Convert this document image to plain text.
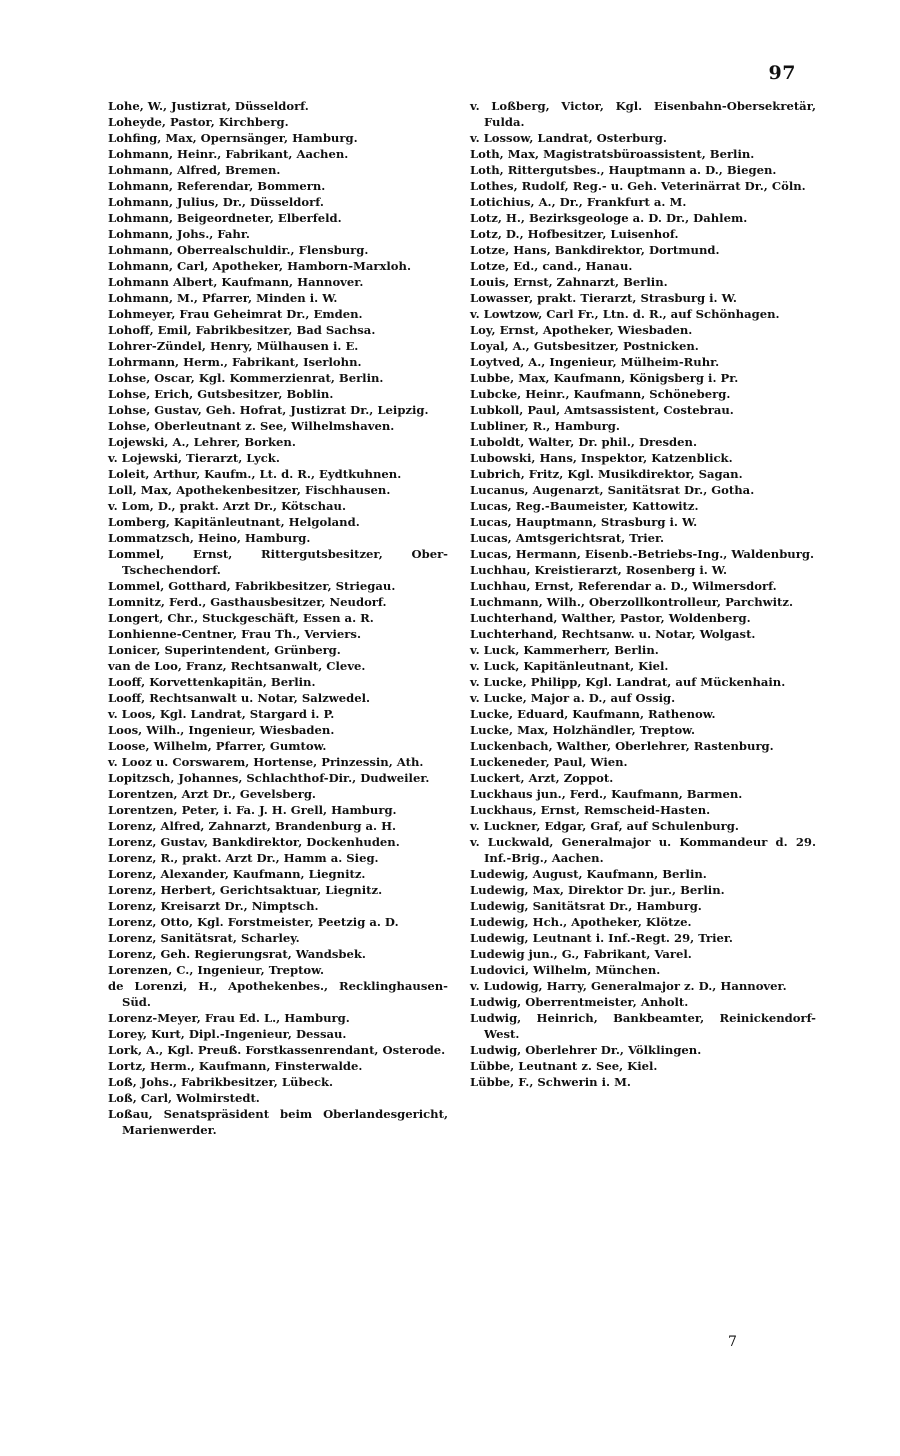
97
Lohe, W., Justizrat, Düsseldorf.
Loheyde, Pastor, Kirchberg.
Lohfing, Max, Opernsänger, Hamburg.
Lohmann, Heinr., Fabrikant, Aachen.
Lohmann, Alfred, Bremen.
Lohmann, Referendar, Bommern.
Lohmann, Julius, Dr., Düsseldorf.
Lohmann, Beigeordneter, Elberfeld.
Lohmann, Johs., Fahr.
Lohmann, Oberrealschuldir., Flensburg.
Lohmann, Carl, Apotheker, Hamborn-Marxloh.
Lohmann Albert, Kaufmann, Hannover.
Lohmann, M., Pfarrer, Minden i. W.
Lohmeyer, Frau Geheimrat Dr., Emden.
Lohoff, Emil, Fabrikbesitzer, Bad Sachsa.
Lohrer-Zündel, Henry, Mülhausen i. E.
Lohrmann, Herm., Fabrikant, Iserlohn.
Lohse, Oscar, Kgl. Kommerzienrat, Berlin.
Lohse, Erich, Gutsbesitzer, Boblin.
Lohse, Gustav, Geh. Hofrat, Justizrat Dr., Leipzig.
Lohse, Oberleutnant z. See, Wilhelmshaven.
Lojewski, A., Lehrer, Borken.
v. Lojewski, Tierarzt, Lyck.
Loleit, Arthur, Kaufm., Lt. d. R., Eydtkuhnen.
Loll, Max, Apothekenbesitzer, Fischhausen.
v. Lom, D., prakt. Arzt Dr., Kötschau.
Lomberg, Kapitänleutnant, Helgoland.
Lommatzsch, Heino, Hamburg.
Lommel, Ernst, Rittergutsbesitzer, Ober-Tschechendorf.
Lommel, Gotthard, Fabrikbesitzer, Striegau.
Lomnitz, Ferd., Gasthausbesitzer, Neudorf.
Longert, Chr., Stuckgeschäft, Essen a. R.
Lonhienne-Centner, Frau Th., Verviers.
Lonicer, Superintendent, Grünberg.
van de Loo, Franz, Rechtsanwalt, Cleve.
Looff, Korvettenkapitän, Berlin.
Looff, Rechtsanwalt u. Notar, Salzwedel.
v. Loos, Kgl. Landrat, Stargard i. P.
Loos, Wilh., Ingenieur, Wiesbaden.
Loose, Wilhelm, Pfarrer, Gumtow.
v. Looz u. Corswarem, Hortense, Prinzessin, Ath.
Lopitzsch, Johannes, Schlachthof-Dir., Dudweiler.
Lorentzen, Arzt Dr., Gevelsberg.
Lorentzen, Peter, i. Fa. J. H. Grell, Hamburg.
Lorenz, Alfred, Zahnarzt, Brandenburg a. H.
Lorenz, Gustav, Bankdirektor, Dockenhuden.
Lorenz, R., prakt. Arzt Dr., Hamm a. Sieg.
Lorenz, Alexander, Kaufmann, Liegnitz.
Lorenz, Herbert, Gerichtsaktuar, Liegnitz.
Lorenz, Kreisarzt Dr., Nimptsch.
Lorenz, Otto, Kgl. Forstmeister, Peetzig a. D.
Lorenz, Sanitätsrat, Scharley.
Lorenz, Geh. Regierungsrat, Wandsbek.
Lorenzen, C., Ingenieur, Treptow.
de Lorenzi, H., Apothekenbes., Recklinghausen-Süd.
Lorenz-Meyer, Frau Ed. L., Hamburg.
Lorey, Kurt, Dipl.-Ingenieur, Dessau.
Lork, A., Kgl. Preuß. Forstkassenrendant, Osterode.
Lortz, Herm., Kaufmann, Finsterwalde.
Loß, Johs., Fabrikbesitzer, Lübeck.
Loß, Carl, Wolmirstedt.
Loßau, Senatspräsident beim Oberlandesgericht, Marienwerder.
v. Loßberg, Victor, Kgl. Eisenbahn-Obersekretär, Fulda.
v. Lossow, Landrat, Osterburg.
Loth, Max, Magistratsbüroassistent, Berlin.
Loth, Rittergutsbes., Hauptmann a. D., Biegen.
Lothes, Rudolf, Reg.- u. Geh. Veterinärrat Dr., Cöln.
Lotichius, A., Dr., Frankfurt a. M.
Lotz, H., Bezirksgeologe a. D. Dr., Dahlem.
Lotz, D., Hofbesitzer, Luisenhof.
Lotze, Hans, Bankdirektor, Dortmund.
Lotze, Ed., cand., Hanau.
Louis, Ernst, Zahnarzt, Berlin.
Lowasser, prakt. Tierarzt, Strasburg i. W.
v. Lowtzow, Carl Fr., Ltn. d. R., auf Schönhagen.
Loy, Ernst, Apotheker, Wiesbaden.
Loyal, A., Gutsbesitzer, Postnicken.
Loytved, A., Ingenieur, Mülheim-Ruhr.
Lubbe, Max, Kaufmann, Königsberg i. Pr.
Lubcke, Heinr., Kaufmann, Schöneberg.
Lubkoll, Paul, Amtsassistent, Costebrau.
Lubliner, R., Hamburg.
Luboldt, Walter, Dr. phil., Dresden.
Lubowski, Hans, Inspektor, Katzenblick.
Lubrich, Fritz, Kgl. Musikdirektor, Sagan.
Lucanus, Augenarzt, Sanitätsrat Dr., Gotha.
Lucas, Reg.-Baumeister, Kattowitz.
Lucas, Hauptmann, Strasburg i. W.
Lucas, Amtsgerichtsrat, Trier.
Lucas, Hermann, Eisenb.-Betriebs-Ing., Waldenburg.
Luchhau, Kreistierarzt, Rosenberg i. W.
Luchhau, Ernst, Referendar a. D., Wilmersdorf.
Luchmann, Wilh., Oberzollkontrolleur, Parchwitz.
Luchterhand, Walther, Pastor, Woldenberg.
Luchterhand, Rechtsanw. u. Notar, Wolgast.
v. Luck, Kammerherr, Berlin.
v. Luck, Kapitänleutnant, Kiel.
v. Lucke, Philipp, Kgl. Landrat, auf Mückenhain.
v. Lucke, Major a. D., auf Ossig.
Lucke, Eduard, Kaufmann, Rathenow.
Lucke, Max, Holzhändler, Treptow.
Luckenbach, Walther, Oberlehrer, Rastenburg.
Luckeneder, Paul, Wien.
Luckert, Arzt, Zoppot.
Luckhaus jun., Ferd., Kaufmann, Barmen.
Luckhaus, Ernst, Remscheid-Hasten.
v. Luckner, Edgar, Graf, auf Schulenburg.
v. Luckwald, Generalmajor u. Kommandeur d. 29. Inf.-Brig., Aachen.
Ludewig, August, Kaufmann, Berlin.
Ludewig, Max, Direktor Dr. jur., Berlin.
Ludewig, Sanitätsrat Dr., Hamburg.
Ludewig, Hch., Apotheker, Klötze.
Ludewig, Leutnant i. Inf.-Regt. 29, Trier.
Ludewig jun., G., Fabrikant, Varel.
Ludovici, Wilhelm, München.
v. Ludowig, Harry, Generalmajor z. D., Hannover.
Ludwig, Oberrentmeister, Anholt.
Ludwig, Heinrich, Bankbeamter, Reinickendorf-West.
Ludwig, Oberlehrer Dr., Völklingen.
Lübbe, Leutnant z. See, Kiel.
Lübbe, F., Schwerin i. M.
7
